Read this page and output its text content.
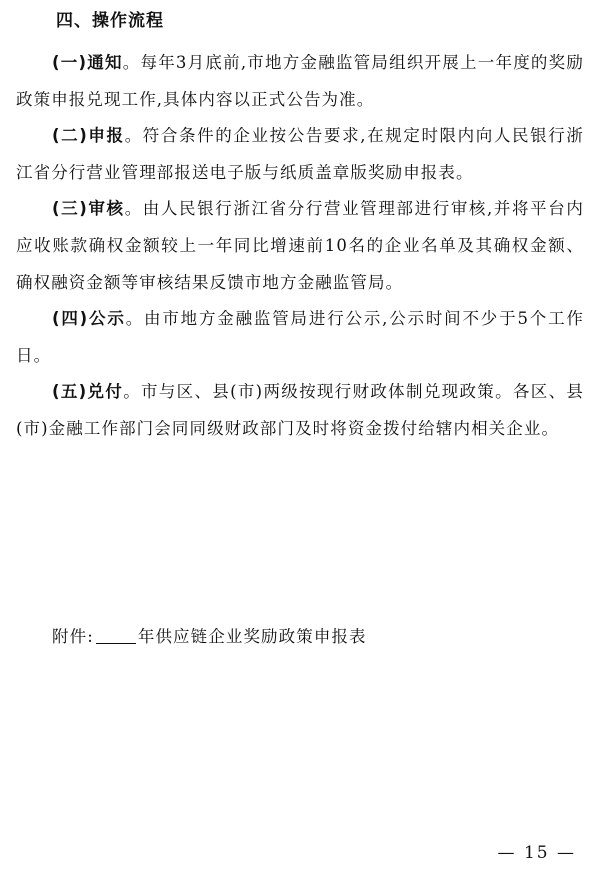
四、操作流程

(一)通知。每年3月底前,市地方金融监管局组织开展上一年度的奖励政策申报兑现工作,具体内容以正式公告为准。

(二)申报。符合条件的企业按公告要求,在规定时限内向人民银行浙江省分行营业管理部报送电子版与纸质盖章版奖励申报表。

(三)审核。由人民银行浙江省分行营业管理部进行审核,并将平台内应收账款确权金额较上一年同比增速前10名的企业名单及其确权金额、确权融资金额等审核结果反馈市地方金融监管局。

(四)公示。由市地方金融监管局进行公示,公示时间不少于5个工作日。

(五)兑付。市与区、县(市)两级按现行财政体制兑现政策。各区、县(市)金融工作部门会同同级财政部门及时将资金拨付给辖内相关企业。

附件:	年供应链企业奖励政策申报表
— 15 —
